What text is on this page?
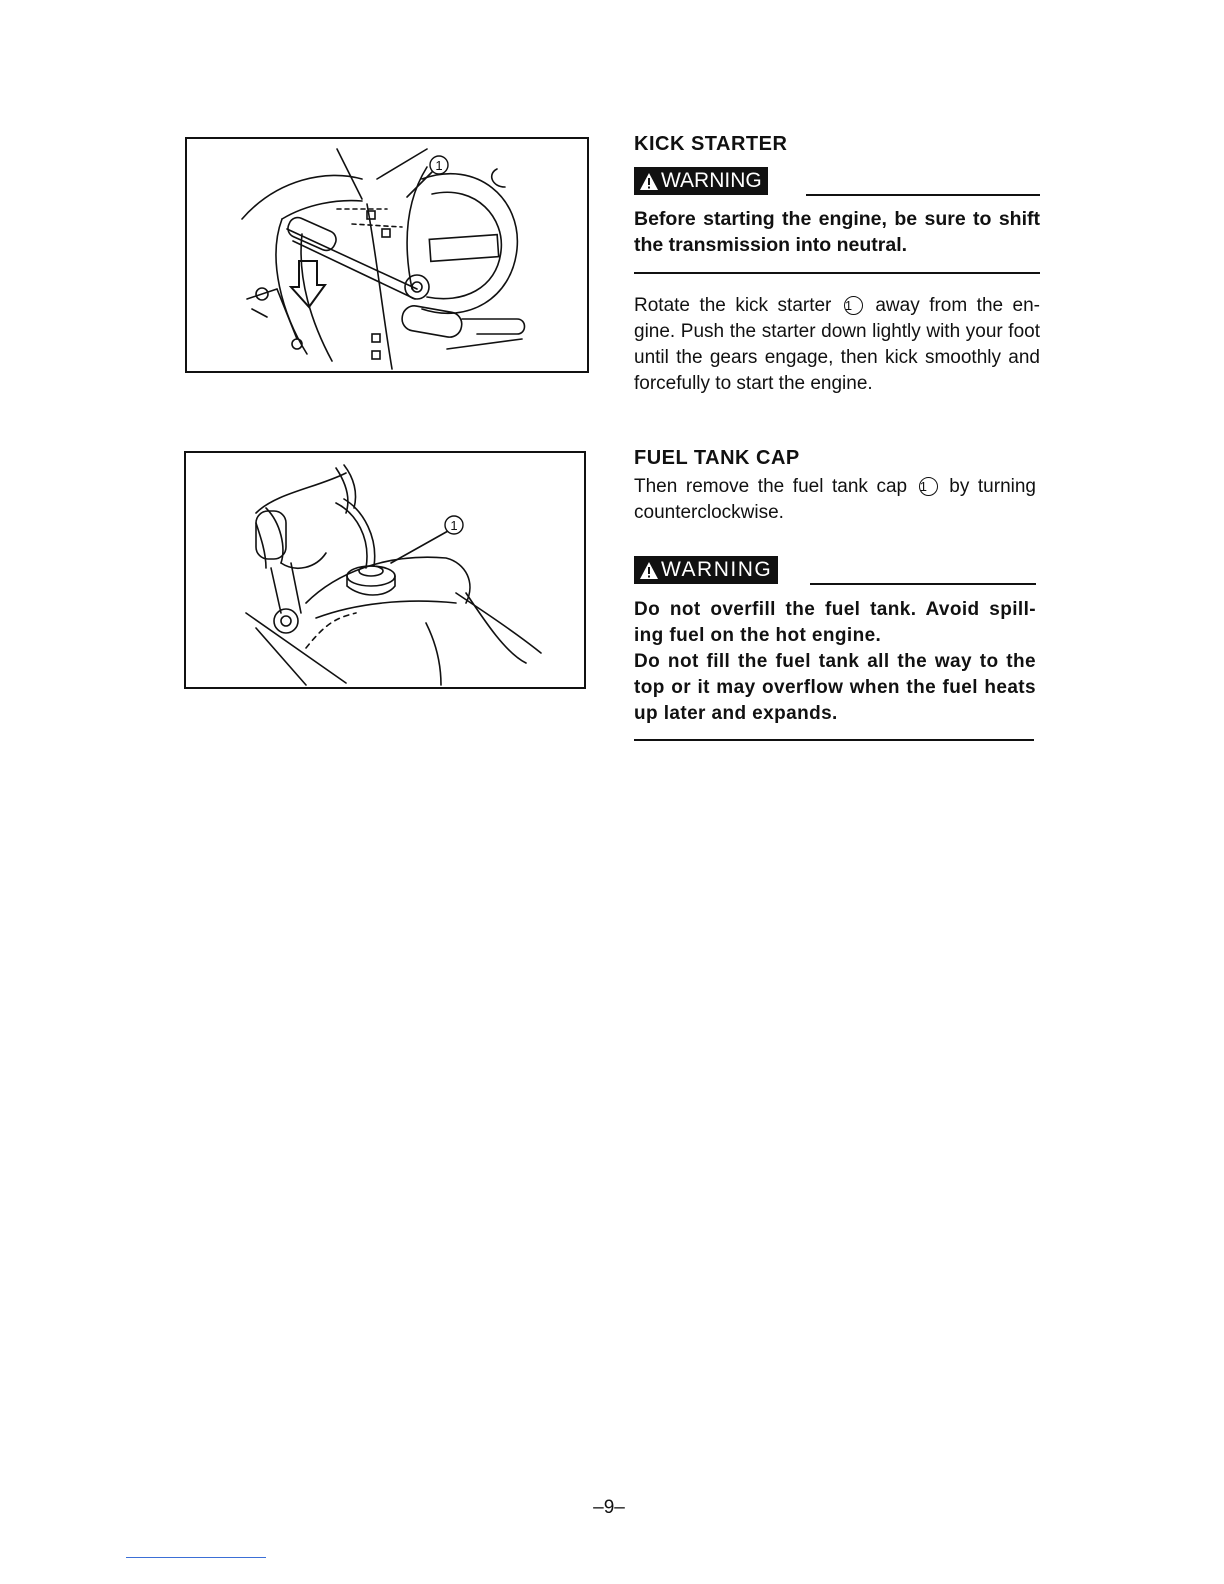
1
1
KICK STARTER
WARNING

Before starting the engine, be sure to shift the transmission into neutral.

Rotate the kick starter 1 away from the en-gine. Push the starter down lightly with your foot until the gears engage, then kick smoothly and forcefully to start the engine.

FUEL TANK CAP

Then remove the fuel tank cap 1 by turning counterclockwise.

WARNING

Do not overfill the fuel tank. Avoid spill-ing fuel on the hot engine.

Do not fill the fuel tank all the way to the top or it may overflow when the fuel heats up later and expands.

–9–
